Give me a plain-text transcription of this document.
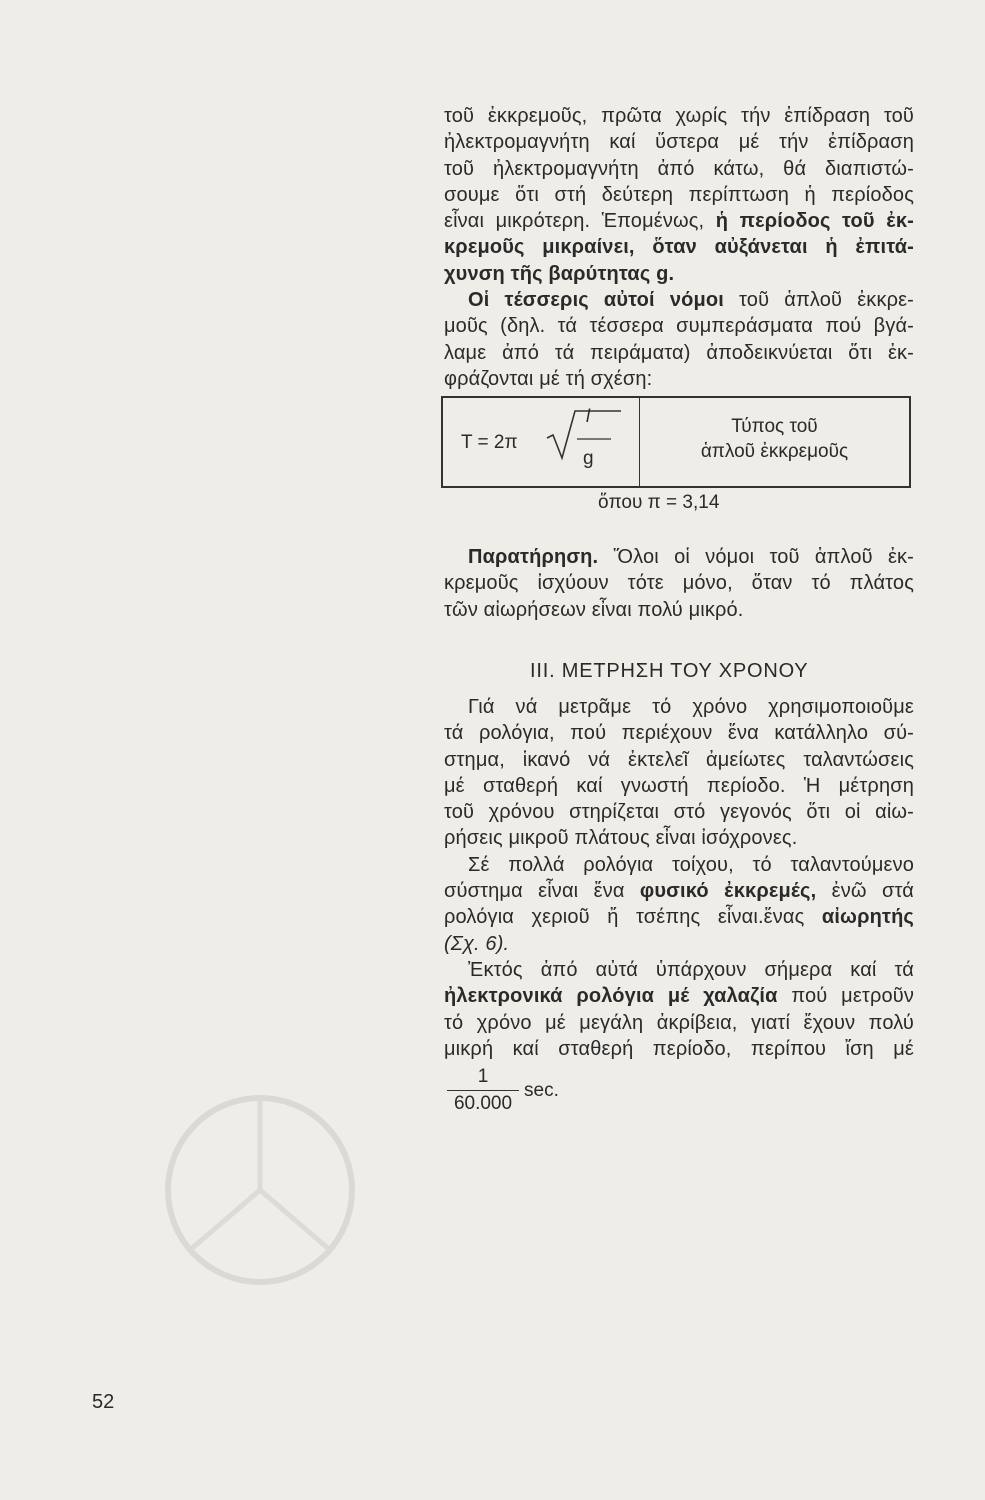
τοῦ ἐκκρεμοῦς, πρῶτα χωρίς τήν ἐπίδραση τοῦ
ἠλεκτρομαγνήτη καί ὕστερα μέ τήν ἐπίδραση
τοῦ ἠλεκτρομαγνήτη ἀπό κάτω, θά διαπιστώ-
σουμε ὅτι στή δεύτερη περίπτωση ἡ περίοδος
εἶναι μικρότερη. Ἑπομένως, ἡ περίοδος τοῦ ἐκ-
κρεμοῦς μικραίνει, ὅταν αὐξάνεται ἡ ἐπιτά-
χυνση τῆς βαρύτητας g.
Οἱ τέσσερις αὐτοί νόμοι τοῦ ἁπλοῦ ἐκκρε-
μοῦς (δηλ. τά τέσσερα συμπεράσματα πού βγά-
λαμε ἀπό τά πειράματα) ἀποδεικνύεται ὅτι ἐκ-
φράζονται μέ τή σχέση:
T = 2π
l
g
Τύπος τοῦ
ἁπλοῦ ἐκκρεμοῦς
ὅπου π = 3,14
Παρατήρηση. Ὅλοι οἱ νόμοι τοῦ ἁπλοῦ ἐκ-
κρεμοῦς ἰσχύουν τότε μόνο, ὅταν τό πλάτος
τῶν αἰωρήσεων εἶναι πολύ μικρό.
ΙΙΙ. ΜΕΤΡΗΣΗ ΤΟΥ ΧΡΟΝΟΥ
Γιά νά μετρᾶμε τό χρόνο χρησιμοποιοῦμε
τά ρολόγια, πού περιέχουν ἕνα κατάλληλο σύ-
στημα, ἱκανό νά ἐκτελεῖ ἀμείωτες ταλαντώσεις
μέ σταθερή καί γνωστή περίοδο. Ἡ μέτρηση
τοῦ χρόνου στηρίζεται στό γεγονός ὅτι οἱ αἰω-
ρήσεις μικροῦ πλάτους εἶναι ἰσόχρονες.
Σέ πολλά ρολόγια τοίχου, τό ταλαντούμενο
σύστημα εἶναι ἕνα φυσικό ἐκκρεμές, ἐνῶ στά
ρολόγια χεριοῦ ἤ τσέπης εἶναι.ἕνας αἰωρητής
(Σχ. 6).
Ἐκτός ἀπό αὐτά ὑπάρχουν σήμερα καί τά
ἠλεκτρονικά ρολόγια μέ χαλαζία πού μετροῦν
τό χρόνο μέ μεγάλη ἀκρίβεια, γιατί ἔχουν πολύ
μικρή καί σταθερή περίοδο, περίπου ἴση μέ
1
60.000
sec.
52
